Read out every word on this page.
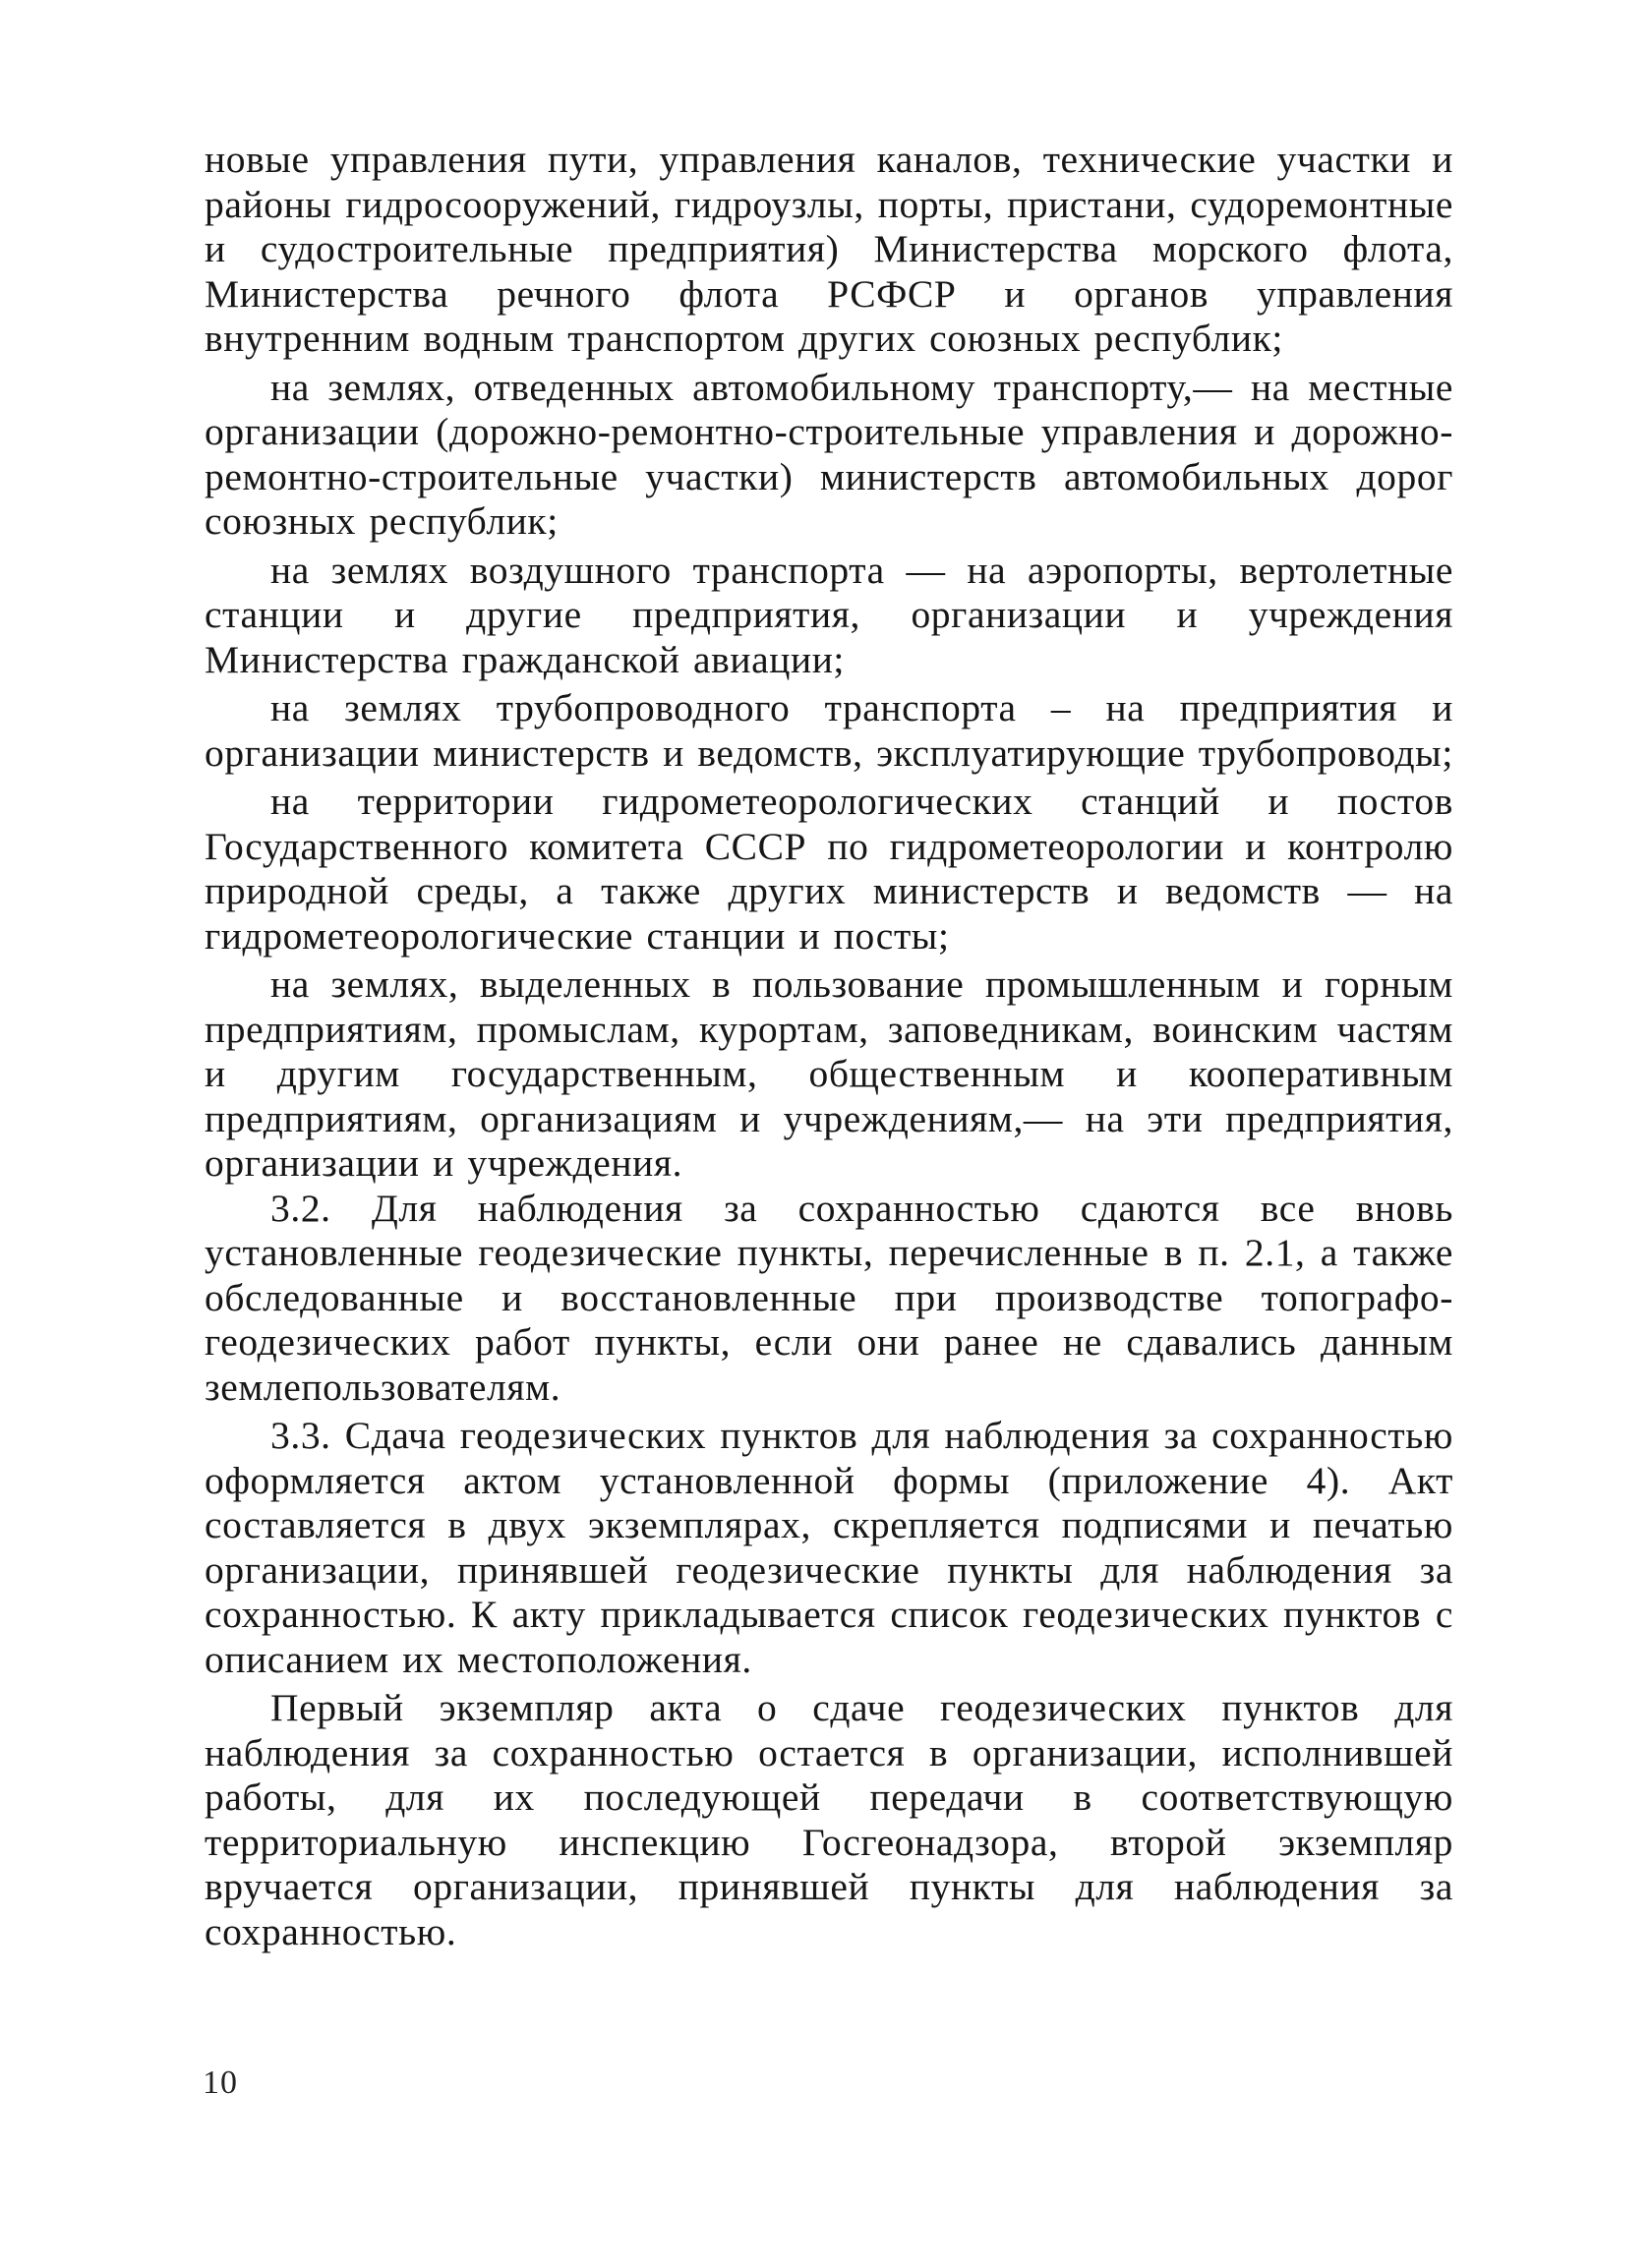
новые управления пути, управления каналов, технические участки и районы гидросооружений, гидроузлы, порты, пристани, судоремонтные и судостроительные предприятия) Министерства морского флота, Министерства речного флота РСФСР и органов управления внутренним водным транспортом других союзных республик;

на землях, отведенных автомобильному транспорту,— на местные организации (дорожно-ремонтно-строительные управления и дорожно-ремонтно-строительные участки) министерств автомобильных дорог союзных республик;

на землях воздушного транспорта — на аэропорты, вертолетные станции и другие предприятия, организации и учреждения Министерства гражданской авиации;

на землях трубопроводного транспорта – на предприятия и организации министерств и ведомств, эксплуатирующие трубопроводы;

на территории гидрометеорологических станций и постов Государственного комитета СССР по гидрометеорологии и контролю природной среды, а также других министерств и ведомств — на гидрометеорологические станции и посты;

на землях, выделенных в пользование промышленным и горным предприятиям, промыслам, курортам, заповедникам, воинским частям и другим государственным, общественным и кооперативным предприятиям, организациям и учреждениям,— на эти предприятия, организации и учреждения.

3.2. Для наблюдения за сохранностью сдаются все вновь установленные геодезические пункты, перечисленные в п. 2.1, а также обследованные и восстановленные при производстве топографо-геодезических работ пункты, если они ранее не сдавались данным землепользователям.

3.3. Сдача геодезических пунктов для наблюдения за сохранностью оформляется актом установленной формы (приложение 4). Акт составляется в двух экземплярах, скрепляется подписями и печатью организации, принявшей геодезические пункты для наблюдения за сохранностью. К акту прикладывается список геодезических пунктов с описанием их местоположения.

Первый экземпляр акта о сдаче геодезических пунктов для наблюдения за сохранностью остается в организации, исполнившей работы, для их последующей передачи в соответствующую территориальную инспекцию Госгеонадзора, второй экземпляр вручается организации, принявшей пункты для наблюдения за сохранностью.

10
